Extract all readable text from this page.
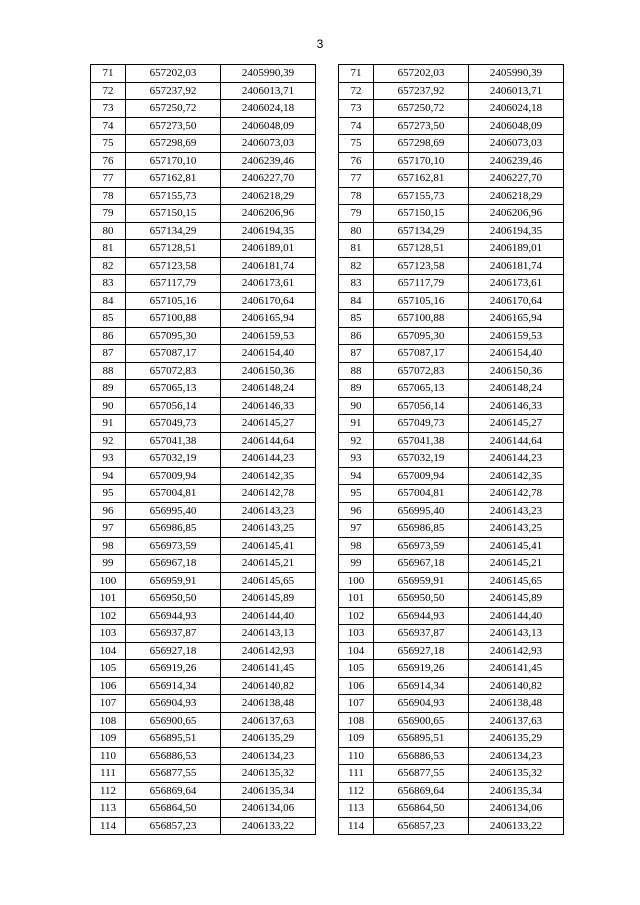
3
71	657202,03	2405990,39
72	657237,92	2406013,71
73	657250,72	2406024,18
74	657273,50	2406048,09
75	657298,69	2406073,03
76	657170,10	2406239,46
77	657162,81	2406227,70
78	657155,73	2406218,29
79	657150,15	2406206,96
80	657134,29	2406194,35
81	657128,51	2406189,01
82	657123,58	2406181,74
83	657117,79	2406173,61
84	657105,16	2406170,64
85	657100,88	2406165,94
86	657095,30	2406159,53
87	657087,17	2406154,40
88	657072,83	2406150,36
89	657065,13	2406148,24
90	657056,14	2406146,33
91	657049,73	2406145,27
92	657041,38	2406144,64
93	657032,19	2406144,23
94	657009,94	2406142,35
95	657004,81	2406142,78
96	656995,40	2406143,23
97	656986,85	2406143,25
98	656973,59	2406145,41
99	656967,18	2406145,21
100	656959,91	2406145,65
101	656950,50	2406145,89
102	656944,93	2406144,40
103	656937,87	2406143,13
104	656927,18	2406142,93
105	656919,26	2406141,45
106	656914,34	2406140,82
107	656904,93	2406138,48
108	656900,65	2406137,63
109	656895,51	2406135,29
110	656886,53	2406134,23
111	656877,55	2406135,32
112	656869,64	2406135,34
113	656864,50	2406134,06
114	656857,23	2406133,22
71	657202,03	2405990,39
72	657237,92	2406013,71
73	657250,72	2406024,18
74	657273,50	2406048,09
75	657298,69	2406073,03
76	657170,10	2406239,46
77	657162,81	2406227,70
78	657155,73	2406218,29
79	657150,15	2406206,96
80	657134,29	2406194,35
81	657128,51	2406189,01
82	657123,58	2406181,74
83	657117,79	2406173,61
84	657105,16	2406170,64
85	657100,88	2406165,94
86	657095,30	2406159,53
87	657087,17	2406154,40
88	657072,83	2406150,36
89	657065,13	2406148,24
90	657056,14	2406146,33
91	657049,73	2406145,27
92	657041,38	2406144,64
93	657032,19	2406144,23
94	657009,94	2406142,35
95	657004,81	2406142,78
96	656995,40	2406143,23
97	656986,85	2406143,25
98	656973,59	2406145,41
99	656967,18	2406145,21
100	656959,91	2406145,65
101	656950,50	2406145,89
102	656944,93	2406144,40
103	656937,87	2406143,13
104	656927,18	2406142,93
105	656919,26	2406141,45
106	656914,34	2406140,82
107	656904,93	2406138,48
108	656900,65	2406137,63
109	656895,51	2406135,29
110	656886,53	2406134,23
111	656877,55	2406135,32
112	656869,64	2406135,34
113	656864,50	2406134,06
114	656857,23	2406133,22
